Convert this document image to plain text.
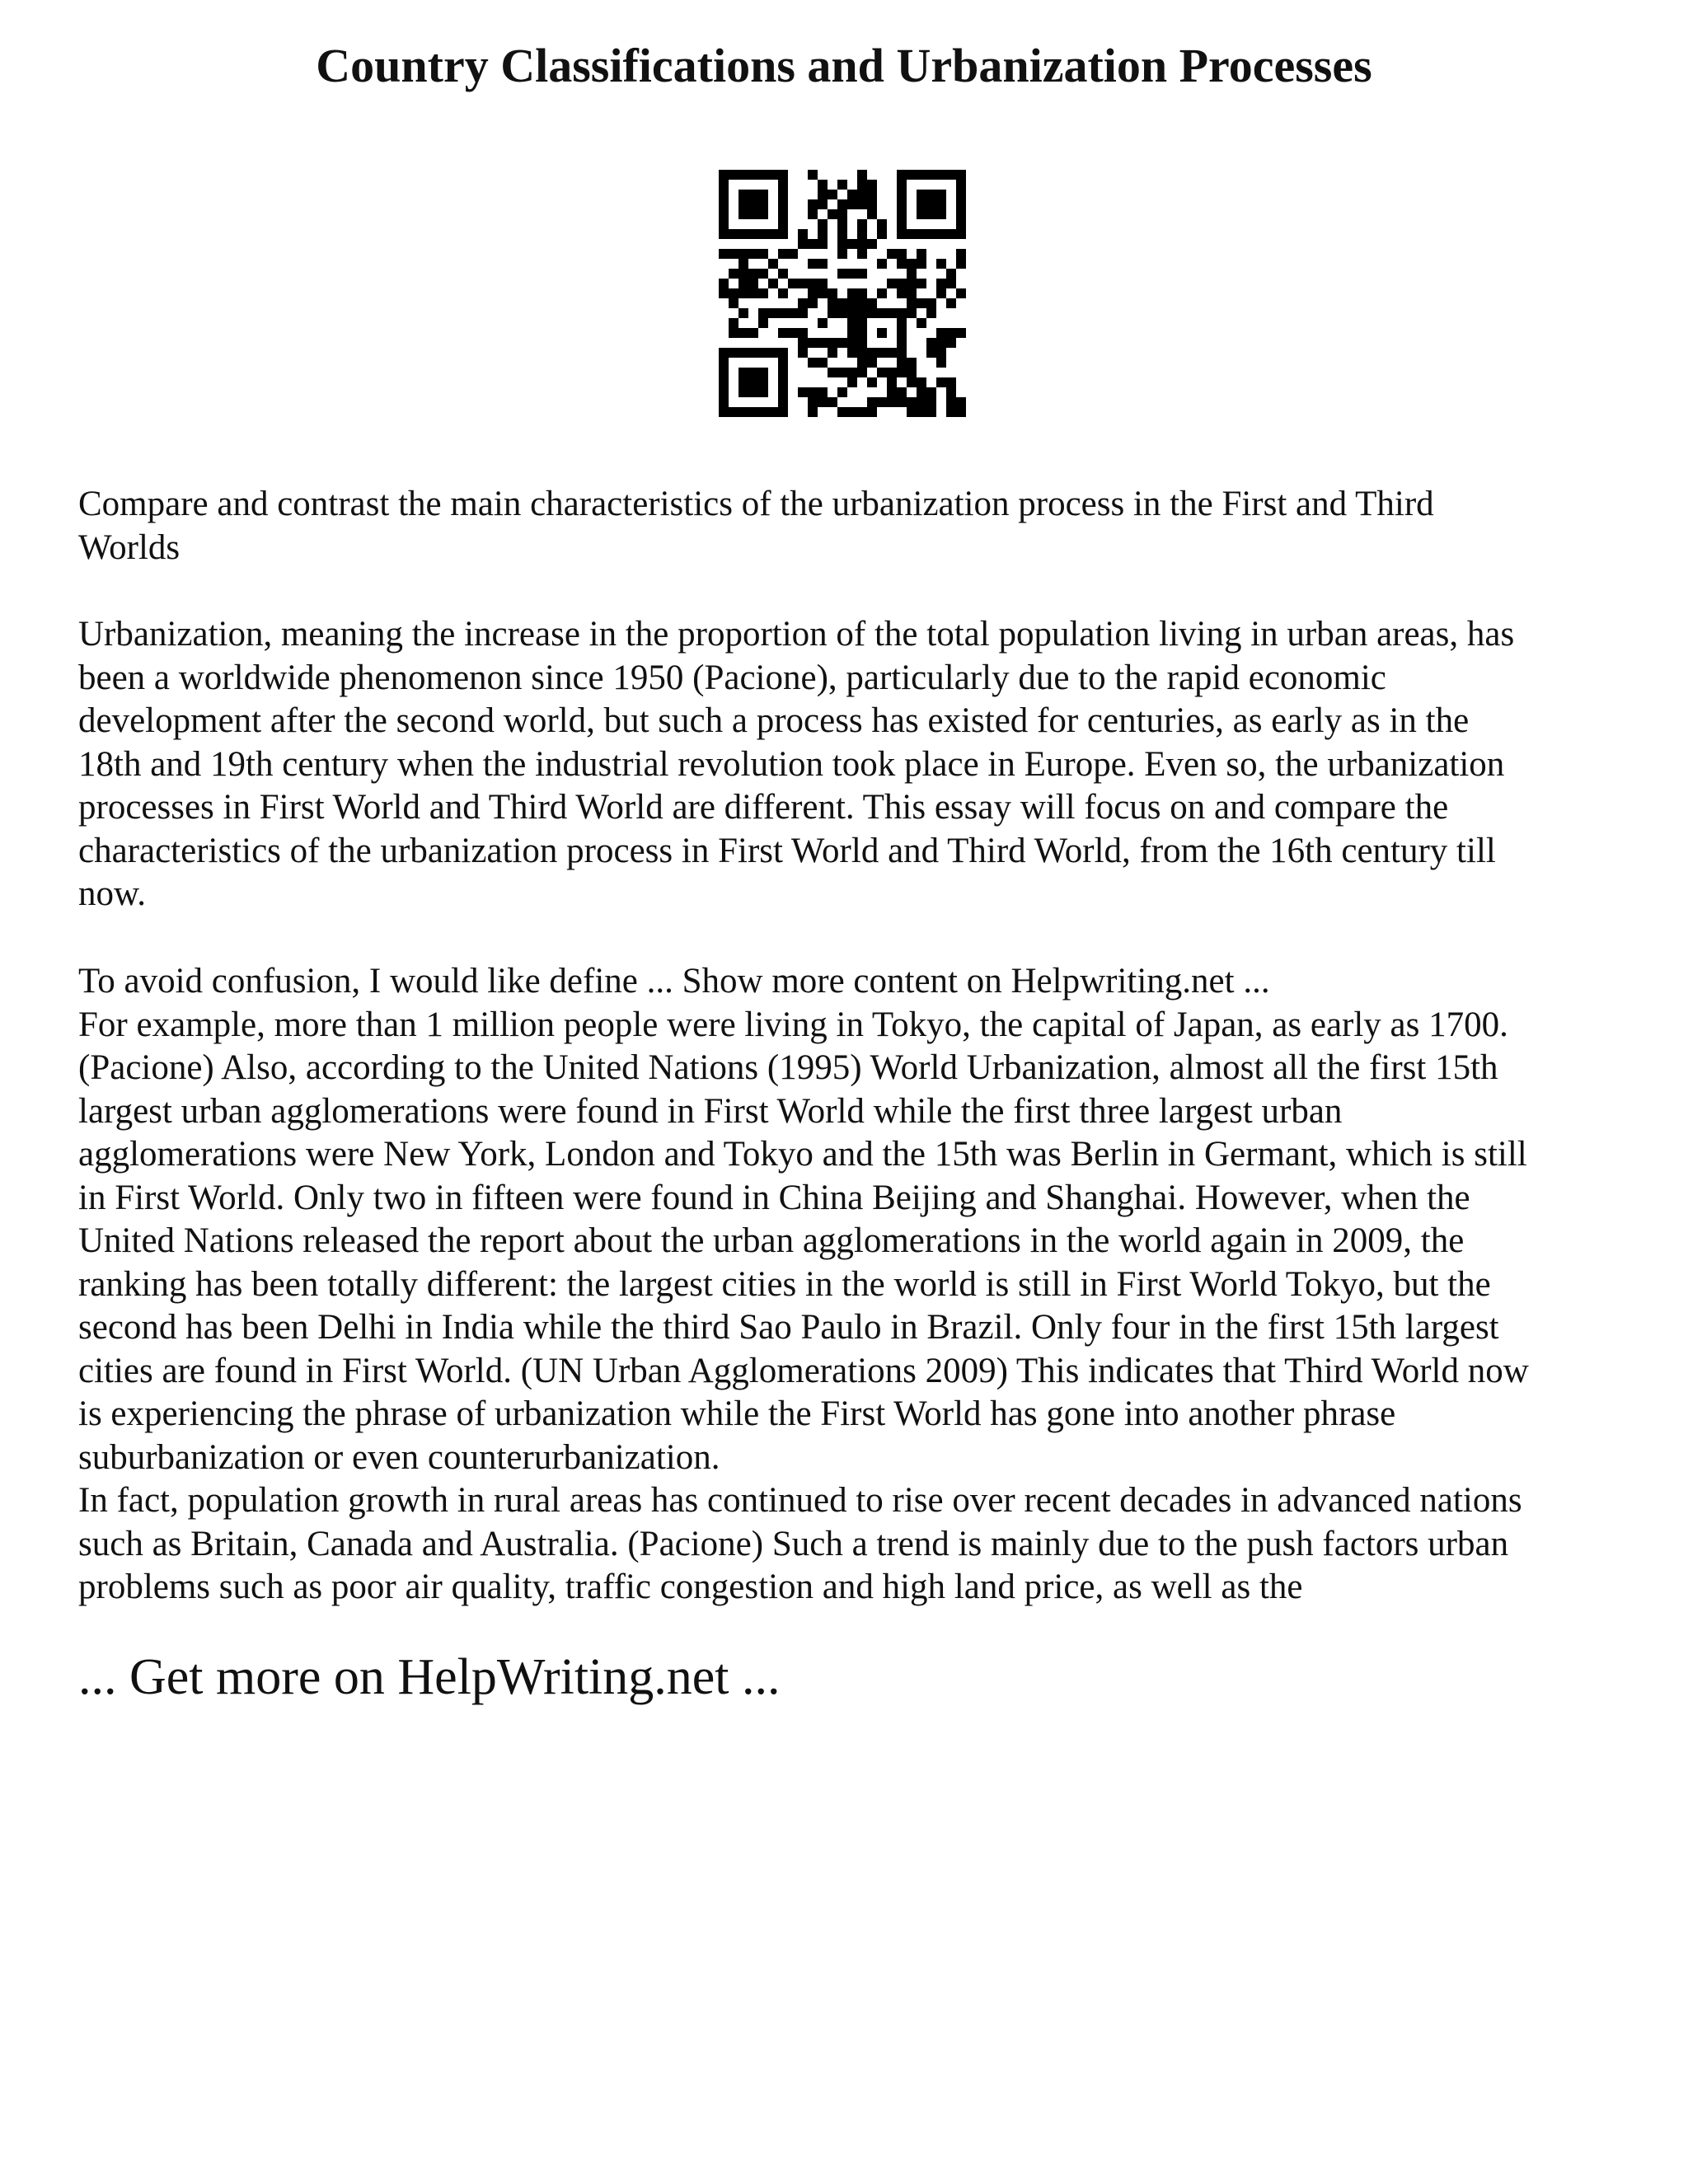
Country Classifications and Urbanization Processes

Compare and contrast the main characteristics of the urbanization process in the First and Third
Worlds

Urbanization, meaning the increase in the proportion of the total population living in urban areas, has
been a worldwide phenomenon since 1950 (Pacione), particularly due to the rapid economic
development after the second world, but such a process has existed for centuries, as early as in the
18th and 19th century when the industrial revolution took place in Europe. Even so, the urbanization
processes in First World and Third World are different. This essay will focus on and compare the
characteristics of the urbanization process in First World and Third World, from the 16th century till
now.

To avoid confusion, I would like define ... Show more content on Helpwriting.net ...
For example, more than 1 million people were living in Tokyo, the capital of Japan, as early as 1700.
(Pacione) Also, according to the United Nations (1995) World Urbanization, almost all the first 15th
largest urban agglomerations were found in First World while the first three largest urban
agglomerations were New York, London and Tokyo and the 15th was Berlin in Germant, which is still
in First World. Only two in fifteen were found in China Beijing and Shanghai. However, when the
United Nations released the report about the urban agglomerations in the world again in 2009, the
ranking has been totally different: the largest cities in the world is still in First World Tokyo, but the
second has been Delhi in India while the third Sao Paulo in Brazil. Only four in the first 15th largest
cities are found in First World. (UN Urban Agglomerations 2009) This indicates that Third World now
is experiencing the phrase of urbanization while the First World has gone into another phrase
suburbanization or even counterurbanization.
In fact, population growth in rural areas has continued to rise over recent decades in advanced nations
such as Britain, Canada and Australia. (Pacione) Such a trend is mainly due to the push factors urban
problems such as poor air quality, traffic congestion and high land price, as well as the

... Get more on HelpWriting.net ...
